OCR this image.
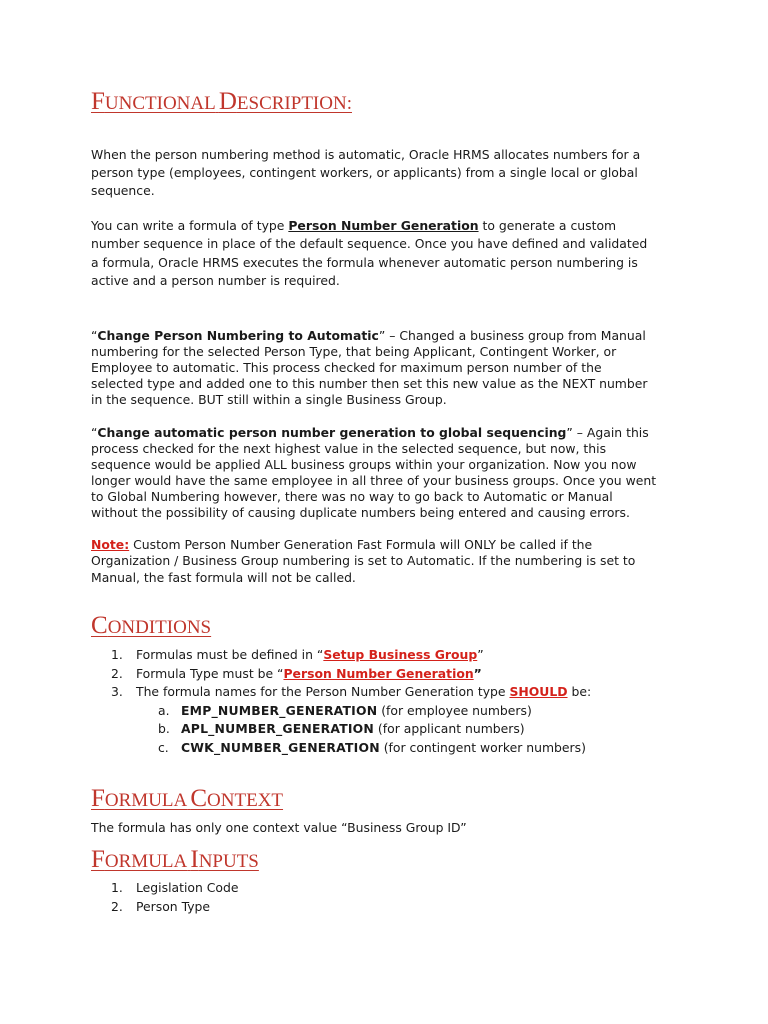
FUNCTIONAL DESCRIPTION:
When the person numbering method is automatic, Oracle HRMS allocates numbers for a person type (employees, contingent workers, or applicants) from a single local or global sequence.
You can write a formula of type Person Number Generation to generate a custom number sequence in place of the default sequence. Once you have defined and validated a formula, Oracle HRMS executes the formula whenever automatic person numbering is active and a person number is required.
“Change Person Numbering to Automatic” – Changed a business group from Manual numbering for the selected Person Type, that being Applicant, Contingent Worker, or Employee to automatic. This process checked for maximum person number of the selected type and added one to this number then set this new value as the NEXT number in the sequence. BUT still within a single Business Group.
“Change automatic person number generation to global sequencing” – Again this process checked for the next highest value in the selected sequence, but now, this sequence would be applied ALL business groups within your organization. Now you now longer would have the same employee in all three of your business groups. Once you went to Global Numbering however, there was no way to go back to Automatic or Manual without the possibility of causing duplicate numbers being entered and causing errors.
Note: Custom Person Number Generation Fast Formula will ONLY be called if the Organization / Business Group numbering is set to Automatic. If the numbering is set to Manual, the fast formula will not be called.
CONDITIONS
1.	Formulas must be defined in “Setup Business Group”
2.	Formula Type must be “Person Number Generation”
3.	The formula names for the Person Number Generation type SHOULD be:
a. EMP_NUMBER_GENERATION (for employee numbers)
b. APL_NUMBER_GENERATION (for applicant numbers)
c. CWK_NUMBER_GENERATION (for contingent worker numbers)
FORMULA CONTEXT
The formula has only one context value “Business Group ID”
FORMULA INPUTS
1.	Legislation Code
2.	Person Type
